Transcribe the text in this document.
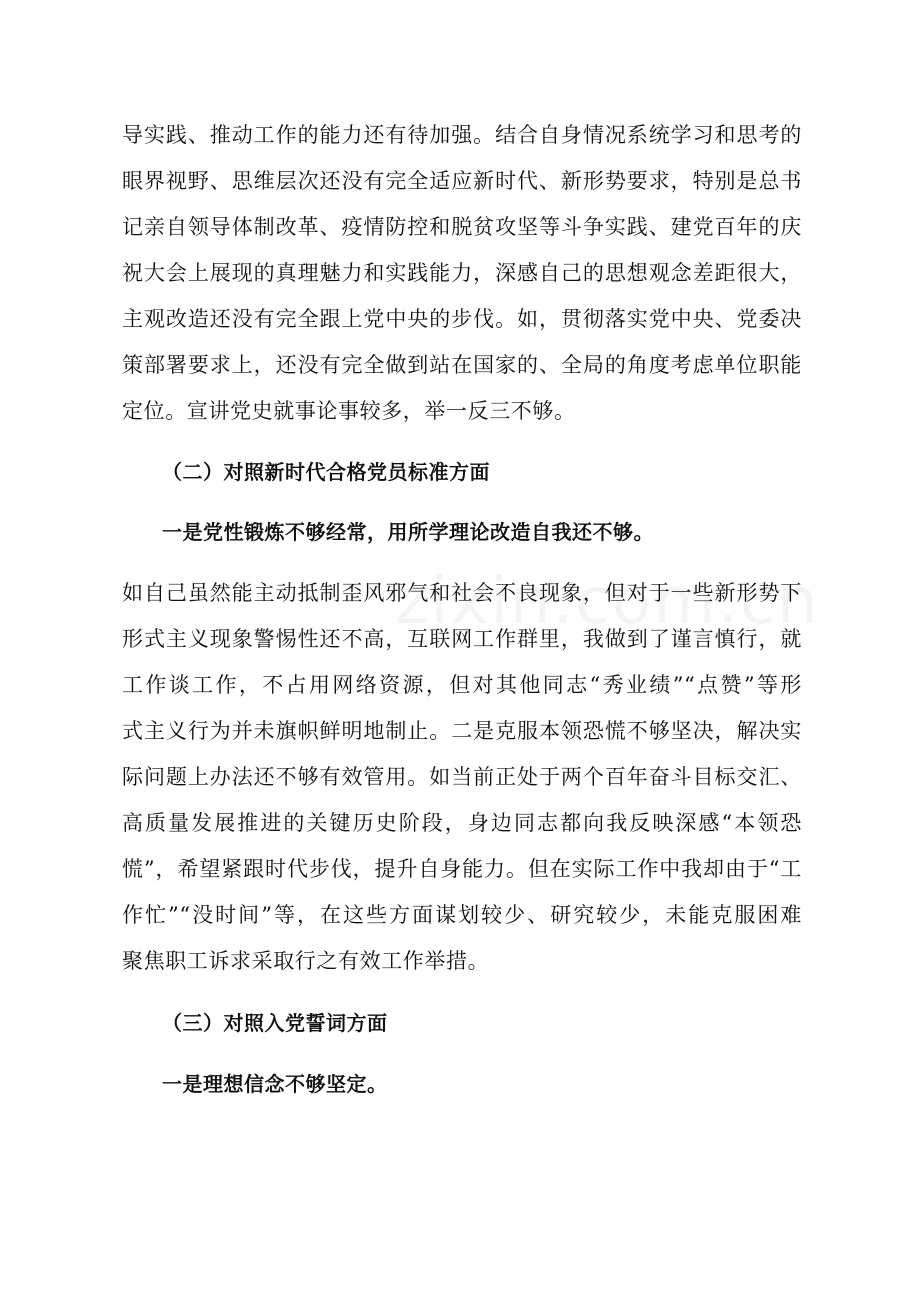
导实践、推动工作的能力还有待加强。结合自身情况系统学习和思考的
眼界视野、思维层次还没有完全适应新时代、新形势要求，特别是总书
记亲自领导体制改革、疫情防控和脱贫攻坚等斗争实践、建党百年的庆
祝大会上展现的真理魅力和实践能力，深感自己的思想观念差距很大，
主观改造还没有完全跟上党中央的步伐。如，贯彻落实党中央、党委决
策部署要求上，还没有完全做到站在国家的、全局的角度考虑单位职能
定位。宣讲党史就事论事较多，举一反三不够。
（二）对照新时代合格党员标准方面
一是党性锻炼不够经常，用所学理论改造自我还不够。
如自己虽然能主动抵制歪风邪气和社会不良现象，但对于一些新形势下
形式主义现象警惕性还不高，互联网工作群里，我做到了谨言慎行，就
工作谈工作，不占用网络资源，但对其他同志“秀业绩”“点赞”等形
式主义行为并未旗帜鲜明地制止。二是克服本领恐慌不够坚决，解决实
际问题上办法还不够有效管用。如当前正处于两个百年奋斗目标交汇、
高质量发展推进的关键历史阶段，身边同志都向我反映深感“本领恐
慌”，希望紧跟时代步伐，提升自身能力。但在实际工作中我却由于“工
作忙”“没时间”等，在这些方面谋划较少、研究较少，未能克服困难
聚焦职工诉求采取行之有效工作举措。
（三）对照入党誓词方面
一是理想信念不够坚定。
